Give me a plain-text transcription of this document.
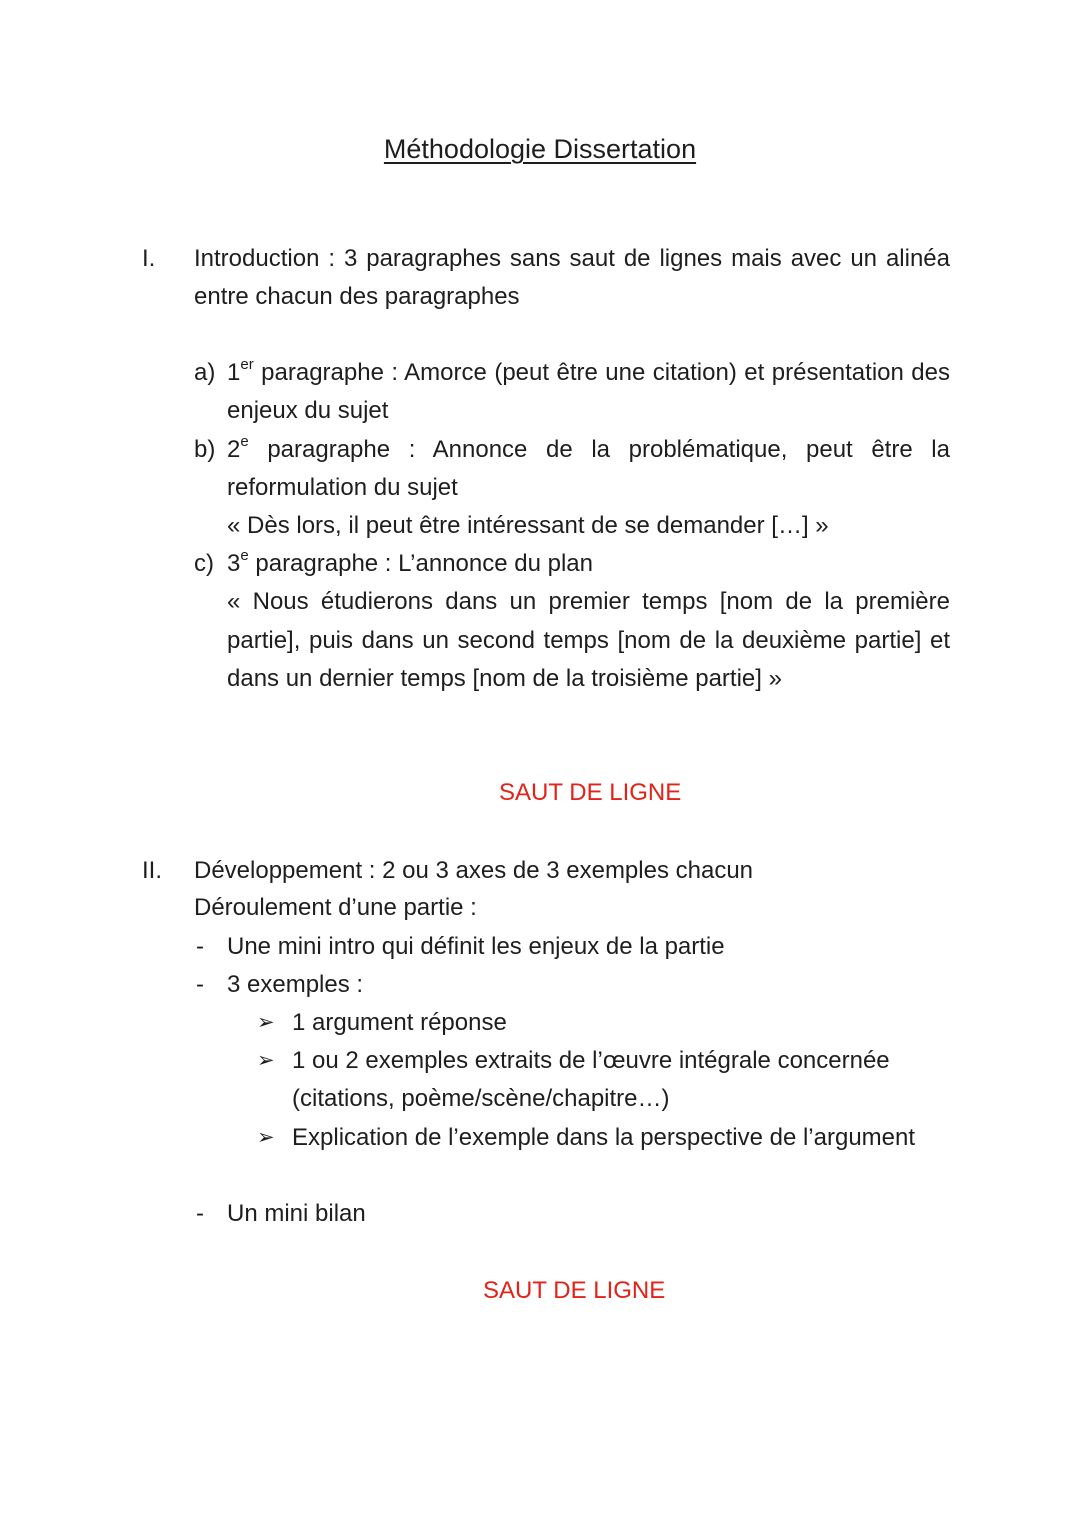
Méthodologie Dissertation
I.	Introduction : 3 paragraphes sans saut de lignes mais avec un alinéa entre chacun des paragraphes
a) 1er paragraphe : Amorce (peut être une citation) et présentation des enjeux du sujet
b) 2e paragraphe : Annonce de la problématique, peut être la reformulation du sujet
« Dès lors, il peut être intéressant de se demander […] »
c) 3e paragraphe : L’annonce du plan
« Nous étudierons dans un premier temps [nom de la première partie], puis dans un second temps [nom de la deuxième partie] et dans un dernier temps [nom de la troisième partie] »
SAUT DE LIGNE
II.	Développement : 2 ou 3 axes de 3 exemples chacun
Déroulement d’une partie :
- Une mini intro qui définit les enjeux de la partie
- 3 exemples :
➢ 1 argument réponse
➢ 1 ou 2 exemples extraits de l’œuvre intégrale concernée (citations, poème/scène/chapitre…)
➢ Explication de l’exemple dans la perspective de l’argument
- Un mini bilan
SAUT DE LIGNE
